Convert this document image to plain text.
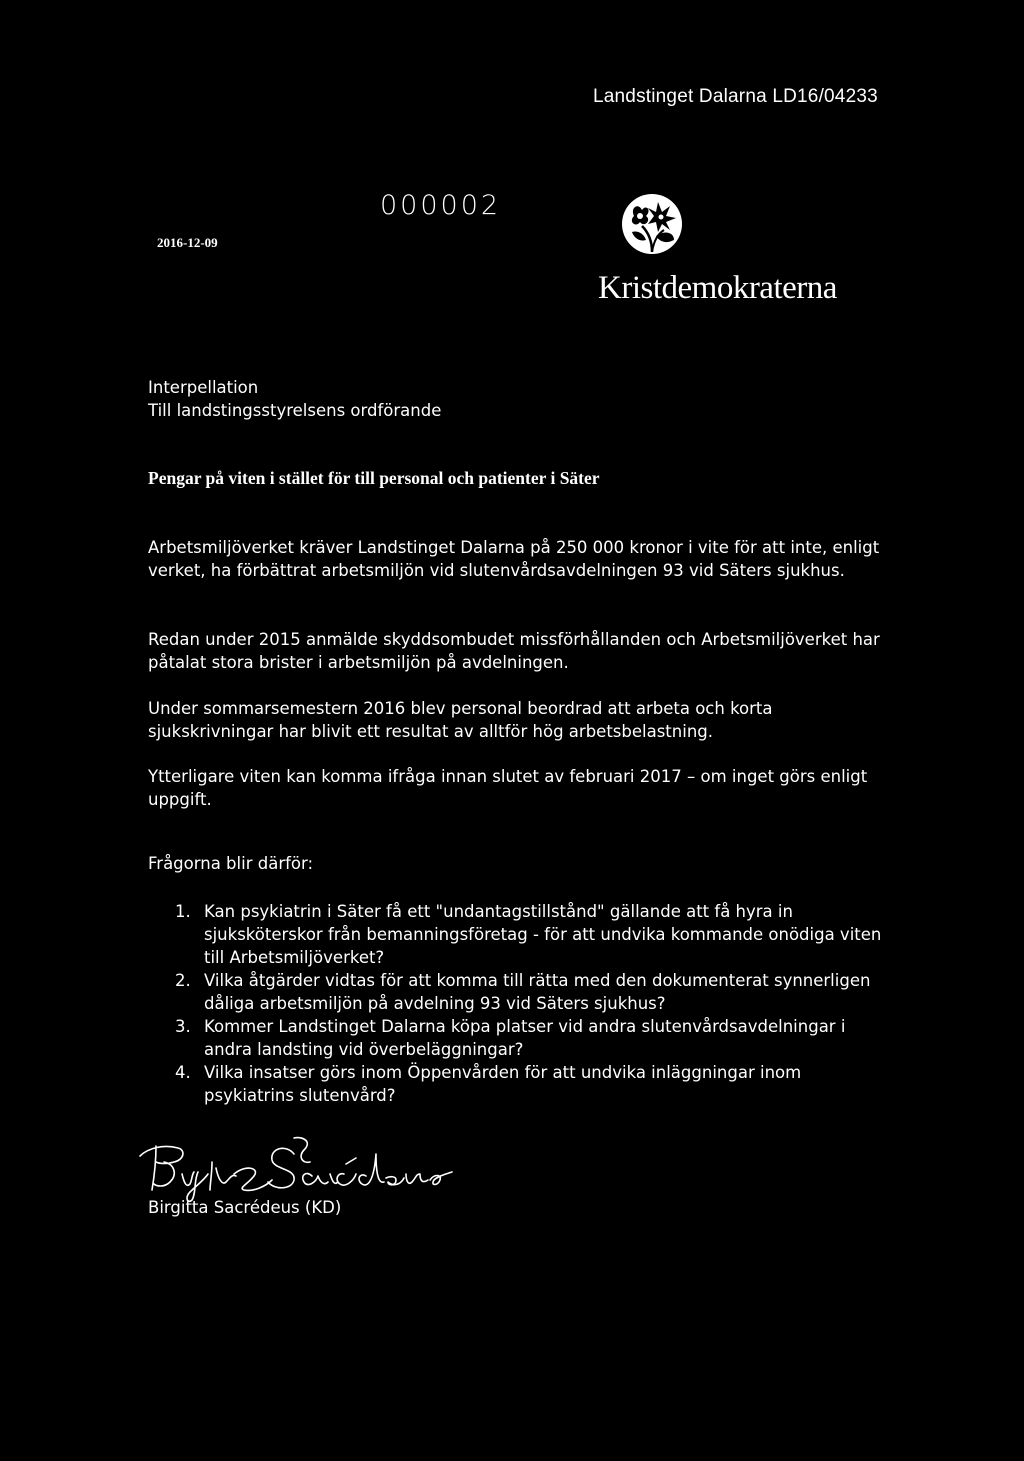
Landstinget Dalarna LD16/04233
000002
2016-12-09
Kristdemokraterna
Interpellation
Till landstingsstyrelsens ordförande
Pengar på viten i stället för till personal och patienter i Säter
Arbetsmiljöverket kräver Landstinget Dalarna på 250 000 kronor i vite för att inte, enligt verket, ha förbättrat arbetsmiljön vid slutenvårdsavdelningen 93 vid Säters sjukhus.
Redan under 2015 anmälde skyddsombudet missförhållanden och Arbetsmiljöverket har påtalat stora brister i arbetsmiljön på avdelningen.
Under sommarsemestern 2016 blev personal beordrad att arbeta och korta sjukskrivningar har blivit ett resultat av alltför hög arbetsbelastning.
Ytterligare viten kan komma ifråga innan slutet av februari 2017 – om inget görs enligt uppgift.
Frågorna blir därför:
1. Kan psykiatrin i Säter få ett "undantagstillstånd" gällande att få hyra in sjuksköterskor från bemanningsföretag - för att undvika kommande onödiga viten till Arbetsmiljöverket?
2. Vilka åtgärder vidtas för att komma till rätta med den dokumenterat synnerligen dåliga arbetsmiljön på avdelning 93 vid Säters sjukhus?
3. Kommer Landstinget Dalarna köpa platser vid andra slutenvårdsavdelningar i andra landsting vid överbeläggningar?
4. Vilka insatser görs inom Öppenvården för att undvika inläggningar inom psykiatrins slutenvård?
Birgitta Sacrédeus (KD)
